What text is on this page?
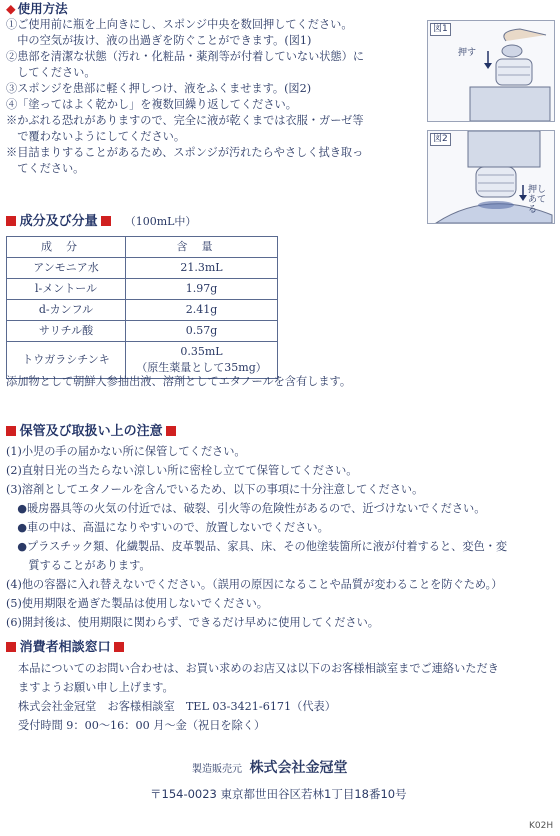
◆ 使用方法
①ご使用前に瓶を上向きにし、スポンジ中央を数回押してください。
　中の空気が抜け、液の出過ぎを防ぐことができます。(図1)
②患部を清潔な状態（汚れ・化粧品・薬剤等が付着していない状態）に
　してください。
③スポンジを患部に軽く押しつけ、液をふくませます。(図2)
④「塗ってはよく乾かし」を複数回繰り返してください。
※かぶれる恐れがありますので、完全に液が乾くまでは衣服・ガーゼ等
　で覆わないようにしてください。
※目詰まりすることがあるため、スポンジが汚れたらやさしく拭き取っ
　てください。
図1
押す
図2
押し
あてる
成分及び分量 （100mL中）
成分	含量
アンモニア水	21.3mL
l-メントール	1.97g
d-カンフル	2.41g
サリチル酸	0.57g
トウガラシチンキ	0.35mL
（原生薬量として35mg）
添加物として朝鮮人参抽出液、溶剤としてエタノールを含有します。
保管及び取扱い上の注意
(1)小児の手の届かない所に保管してください。
(2)直射日光の当たらない涼しい所に密栓し立てて保管してください。
(3)溶剤としてエタノールを含んでいるため、以下の事項に十分注意してください。
　●暖房器具等の火気の付近では、破裂、引火等の危険性があるので、近づけないでください。
　●車の中は、高温になりやすいので、放置しないでください。
　●プラスチック類、化繊製品、皮革製品、家具、床、その他塗装箇所に液が付着すると、変色・変
　　質することがあります。
(4)他の容器に入れ替えないでください。（誤用の原因になることや品質が変わることを防ぐため。）
(5)使用期限を過ぎた製品は使用しないでください。
(6)開封後は、使用期限に関わらず、できるだけ早めに使用してください。
消費者相談窓口
本品についてのお問い合わせは、お買い求めのお店又は以下のお客様相談室までご連絡いただき
ますようお願い申し上げます。
株式会社金冠堂　お客様相談室　TEL 03-3421-6171（代表）
受付時間 9：00～16：00 月～金（祝日を除く）
製造販売元 株式会社金冠堂
〒154-0023 東京都世田谷区若林1丁目18番10号
K02H
